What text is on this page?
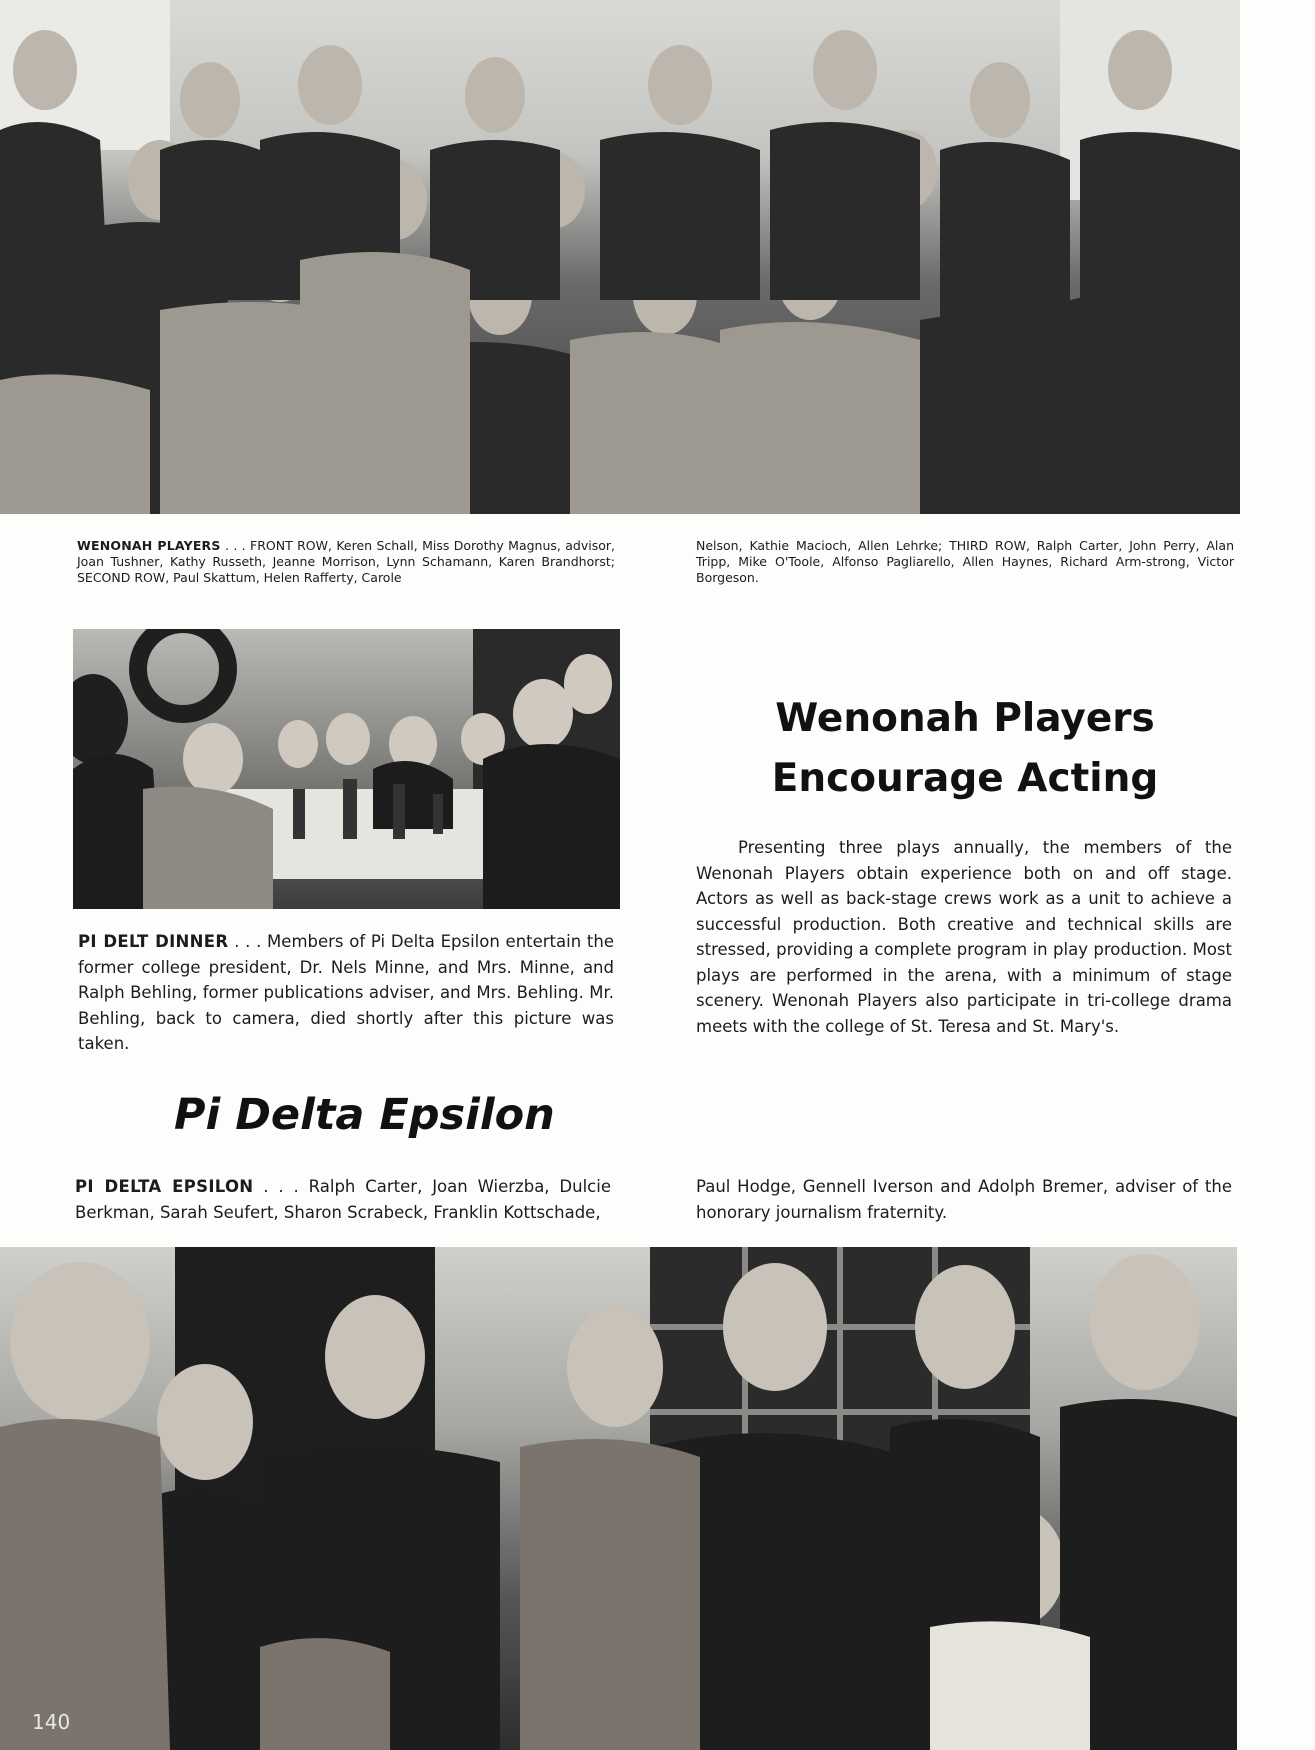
WENONAH PLAYERS . . . FRONT ROW, Keren Schall, Miss Dorothy Magnus, advisor, Joan Tushner, Kathy Russeth, Jeanne Morrison, Lynn Schamann, Karen Brandhorst; SECOND ROW, Paul Skattum, Helen Rafferty, Carole
Nelson, Kathie Macioch, Allen Lehrke; THIRD ROW, Ralph Carter, John Perry, Alan Tripp, Mike O'Toole, Alfonso Pagliarello, Allen Haynes, Richard Arm-strong, Victor Borgeson.
PI DELT DINNER . . . Members of Pi Delta Epsilon entertain the former college president, Dr. Nels Minne, and Mrs. Minne, and Ralph Behling, former publications adviser, and Mrs. Behling. Mr. Behling, back to camera, died shortly after this picture was taken.
Wenonah Players
Encourage Acting
Presenting three plays annually, the members of the Wenonah Players obtain experience both on and off stage. Actors as well as back-stage crews work as a unit to achieve a successful production. Both creative and technical skills are stressed, providing a complete program in play production. Most plays are performed in the arena, with a minimum of stage scenery. Wenonah Players also participate in tri-college drama meets with the college of St. Teresa and St. Mary's.
Pi Delta Epsilon
PI DELTA EPSILON . . . Ralph Carter, Joan Wierzba, Dulcie Berkman, Sarah Seufert, Sharon Scrabeck, Franklin Kottschade,
Paul Hodge, Gennell Iverson and Adolph Bremer, adviser of the honorary journalism fraternity.
140
